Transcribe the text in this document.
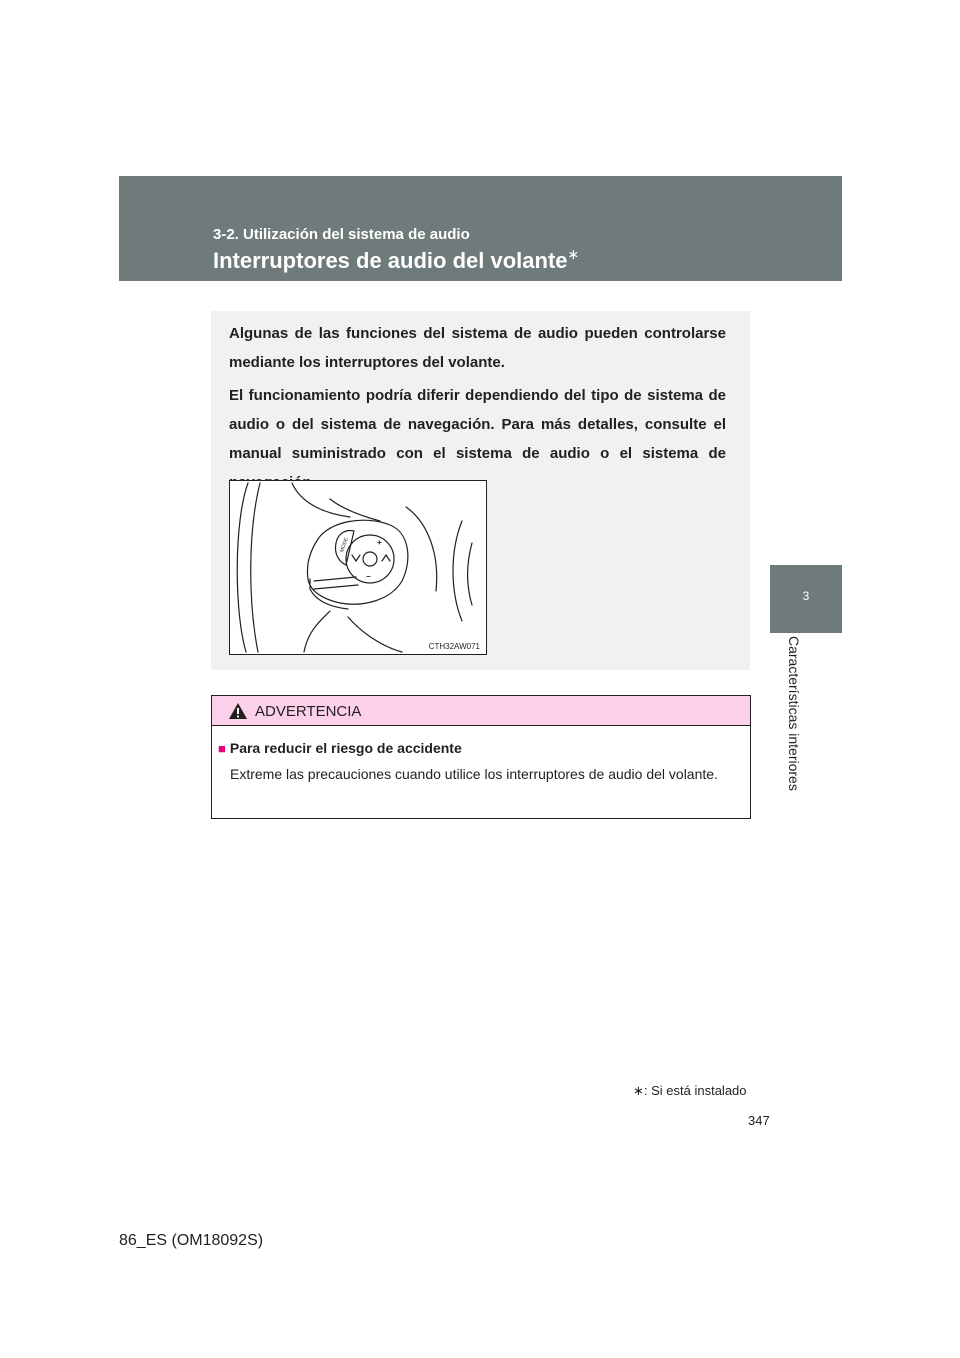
3-2. Utilización del sistema de audio
Interruptores de audio del volante∗
3
Características interiores

Algunas de las funciones del sistema de audio pueden controlarse mediante los interruptores del volante.

El funcionamiento podría diferir dependiendo del tipo de sistema de audio o del sistema de navegación. Para más detalles, consulte el manual suministrado con el sistema de audio o el sistema de

MODE	+
−
CTH32AW071
ADVERTENCIA
■ Para reducir el riesgo de accidente

Extreme las precauciones cuando utilice los interruptores de audio del volante.

∗: Si está instalado
347
86_ES (OM18092S)
